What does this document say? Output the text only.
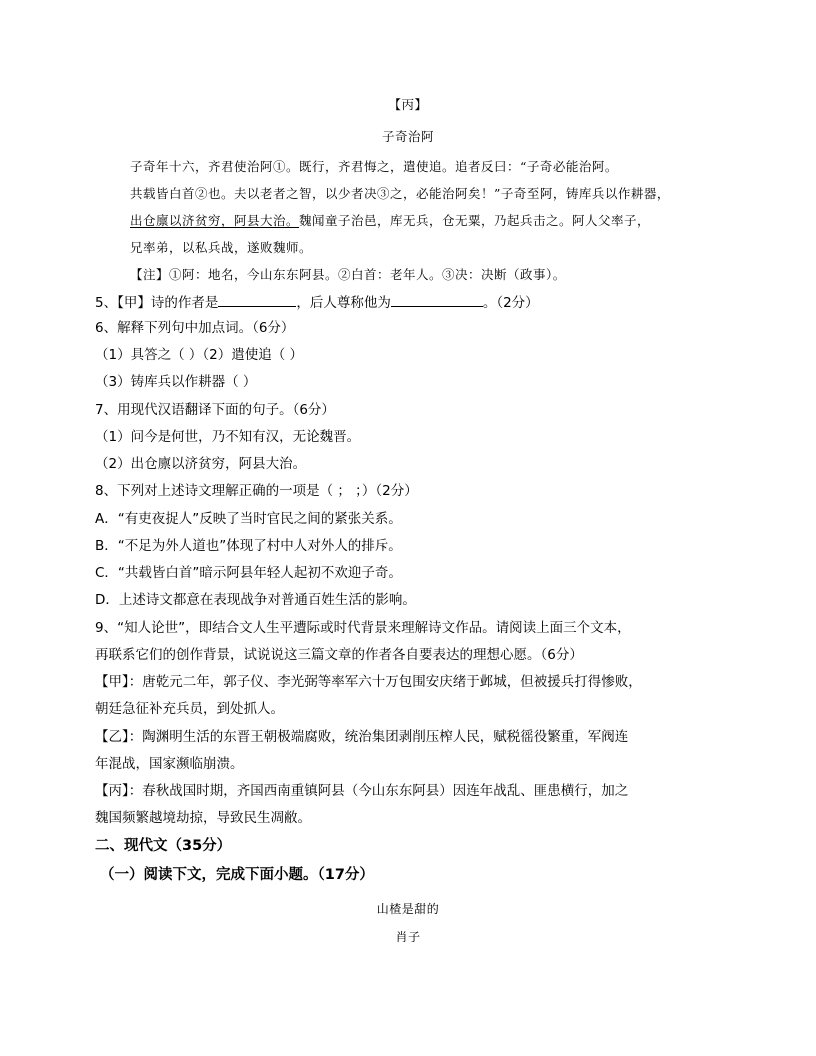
【丙】
子奇治阿
子奇年十六，齐君使治阿①。既行，齐君悔之，遣使追。追者反曰：“子奇必能治阿。
共载皆白首②也。夫以老者之智，以少者决③之，必能治阿矣！”子奇至阿，铸库兵以作耕器，
出仓廪以济贫穷，阿县大治。魏闻童子治邑，库无兵，仓无粟，乃起兵击之。阿人父率子，
兄率弟，以私兵战，遂败魏师。
【注】①阿：地名，今山东东阿县。②白首：老年人。③决：决断（政事）。
5、【甲】诗的作者是	，后人尊称他为	。（2分）
6、解释下列句中加点词。（6分）
（1）具答之（ ）（2）遣使追（ ）
（3）铸库兵以作耕器（ ）
7、用现代汉语翻译下面的句子。（6分）
（1）问今是何世，乃不知有汉，无论魏晋。
（2）出仓廪以济贫穷，阿县大治。
8、下列对上述诗文理解正确的一项是（ ； ；）（2分）
A．“有吏夜捉人”反映了当时官民之间的紧张关系。
B．“不足为外人道也”体现了村中人对外人的排斥。
C．“共载皆白首”暗示阿县年轻人起初不欢迎子奇。
D．上述诗文都意在表现战争对普通百姓生活的影响。
9、“知人论世”，即结合文人生平遭际或时代背景来理解诗文作品。请阅读上面三个文本，
再联系它们的创作背景，试说说这三篇文章的作者各自要表达的理想心愿。（6分）
【甲】：唐乾元二年，郭子仪、李光弼等率军六十万包围安庆绪于邺城，但被援兵打得惨败，
朝廷急征补充兵员，到处抓人。
【乙】：陶渊明生活的东晋王朝极端腐败，统治集团剥削压榨人民，赋税徭役繁重，军阀连
年混战，国家濒临崩溃。
【丙】：春秋战国时期，齐国西南重镇阿县（今山东东阿县）因连年战乱、匪患横行，加之
魏国频繁越境劫掠，导致民生凋敝。
二、现代文（35分）
（一）阅读下文，完成下面小题。（17分）
山楂是甜的
肖子
